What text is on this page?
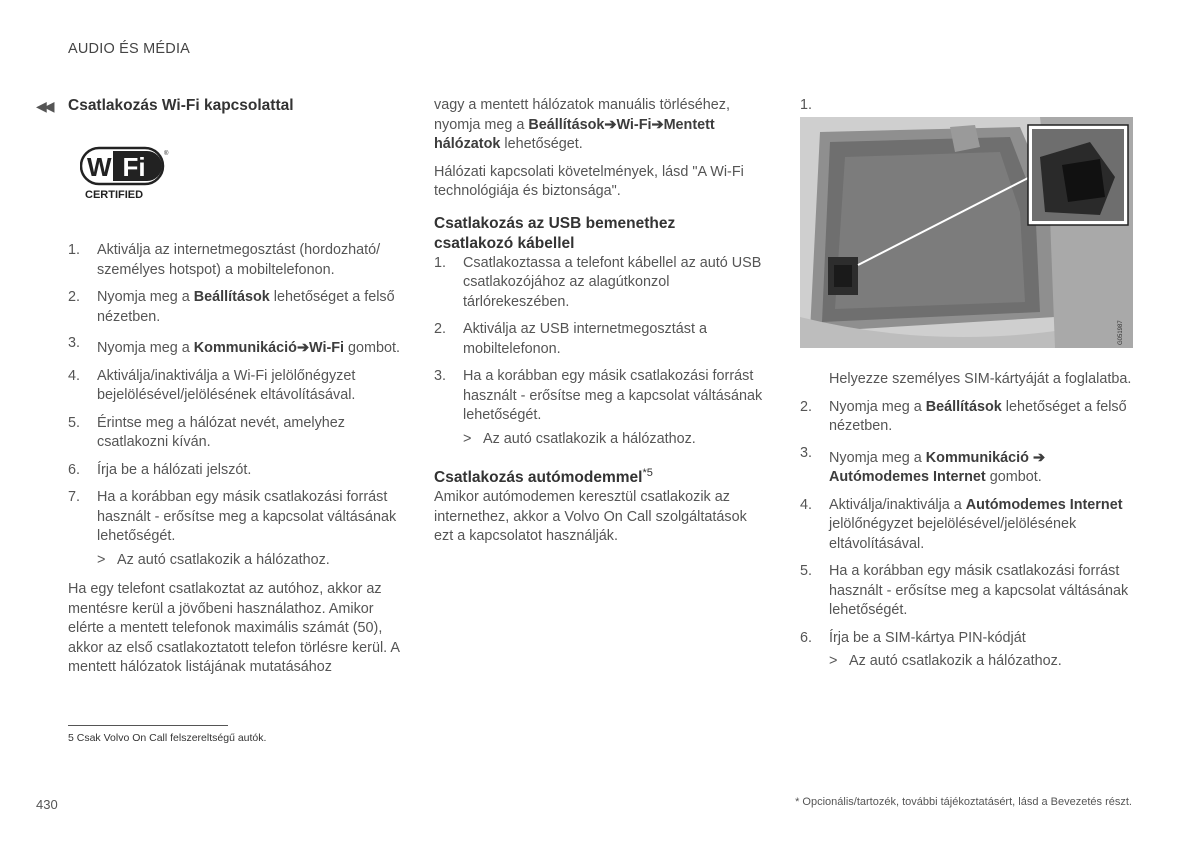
AUDIO ÉS MÉDIA
◀◀ Csatlakozás Wi-Fi kapcsolattal
Wi Fi	®
CERTIFIED
1. Aktiválja az internetmegosztást (hordozható/ személyes hotspot) a mobiltelefonon.
2. Nyomja meg a Beállítások lehetőséget a felső nézetben.
3. Nyomja meg a Kommunikáció➔Wi-Fi gombot.
4. Aktiválja/inaktiválja a Wi-Fi jelölőnégyzet bejelölésével/jelölésének eltávolításával.
5. Érintse meg a hálózat nevét, amelyhez csatlakozni kíván.
6. Írja be a hálózati jelszót.
7. Ha a korábban egy másik csatlakozási forrást használt - erősítse meg a kapcsolat váltásának lehetőségét.
> Az autó csatlakozik a hálózathoz.

Ha egy telefont csatlakoztat az autóhoz, akkor az mentésre kerül a jövőbeni használathoz. Amikor elérte a mentett telefonok maximális számát (50), akkor az első csatlakoztatott telefon törlésre kerül. A mentett hálózatok listájának mutatásához

vagy a mentett hálózatok manuális törléséhez, nyomja meg a Beállítások➔Wi-Fi➔Mentett hálózatok lehetőséget.

Hálózati kapcsolati követelmények, lásd "A Wi-Fi technológiája és biztonsága".

Csatlakozás az USB bemenethez csatlakozó kábellel
1. Csatlakoztassa a telefont kábellel az autó USB csatlakozójához az alagútkonzol tárlórekeszében.
2. Aktiválja az USB internetmegosztást a mobiltelefonon.
3. Ha a korábban egy másik csatlakozási forrást használt - erősítse meg a kapcsolat váltásának lehetőségét.
> Az autó csatlakozik a hálózathoz.
Csatlakozás autómodemmel$^{*5}$

Amikor autómodemen keresztül csatlakozik az internethez, akkor a Volvo On Call szolgáltatások ezt a kapcsolatot használják.

1.
G051987

Helyezze személyes SIM-kártyáját a foglalatba.

2. Nyomja meg a Beállítások lehetőséget a felső nézetben.
3. Nyomja meg a Kommunikáció ➔ Autómodemes Internet gombot.
4. Aktiválja/inaktiválja a Autómodemes Internet jelölőnégyzet bejelölésével/jelölésének eltávolításával.
5. Ha a korábban egy másik csatlakozási forrást használt - erősítse meg a kapcsolat váltásának lehetőségét.
6. Írja be a SIM-kártya PIN-kódját
> Az autó csatlakozik a hálózathoz.
5 Csak Volvo On Call felszereltségű autók.
430	* Opcionális/tartozék, további tájékoztatásért, lásd a Bevezetés részt.
